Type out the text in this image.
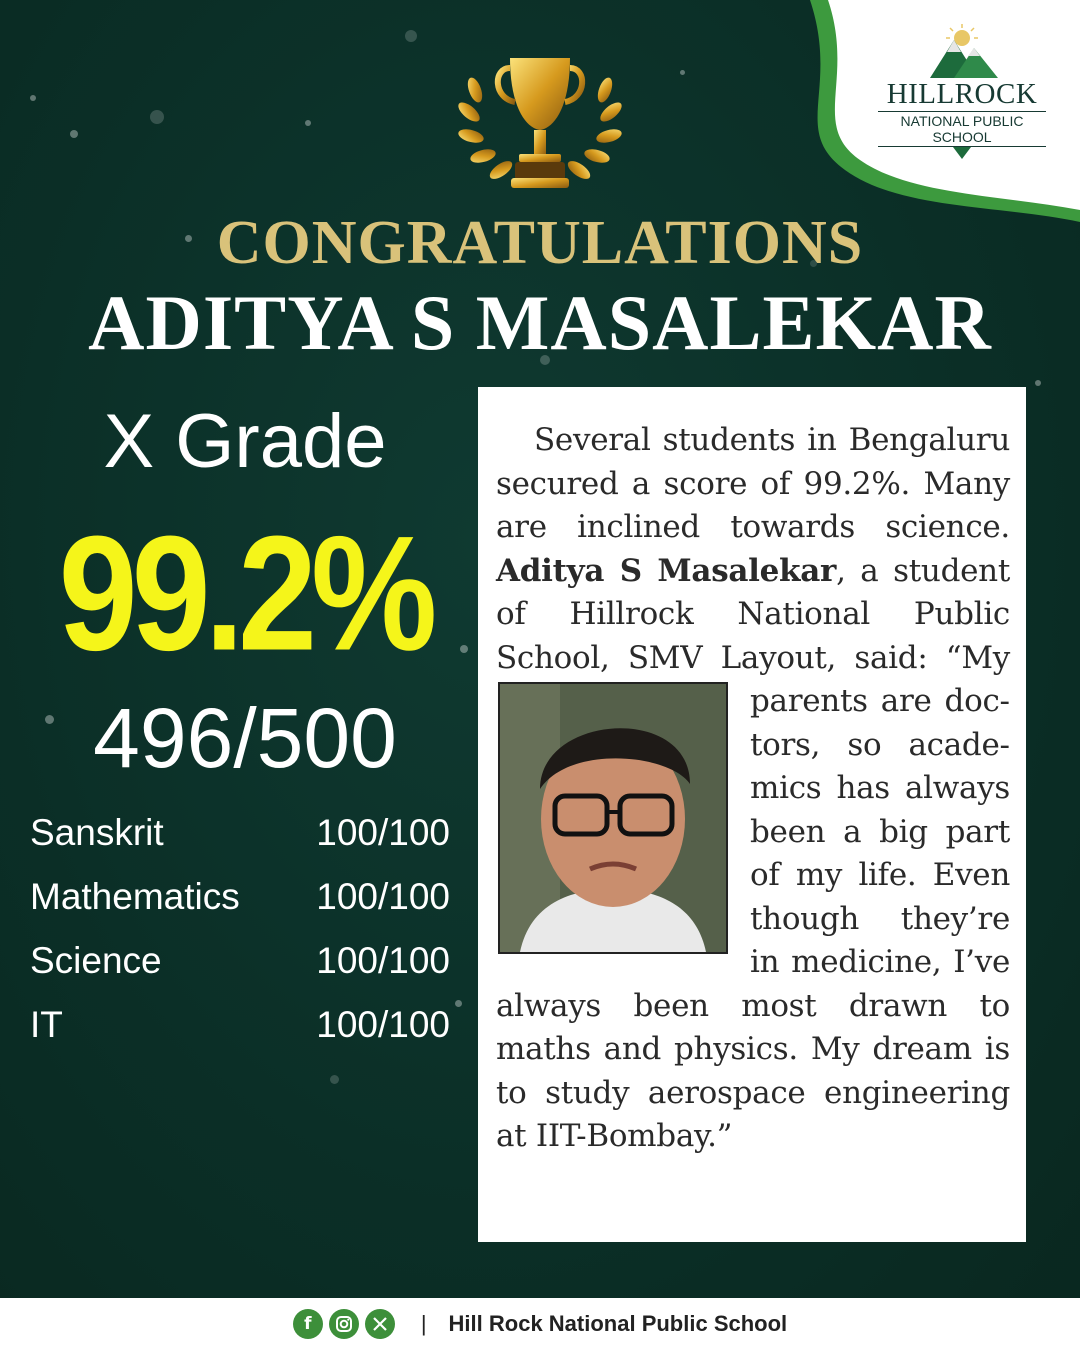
HILLROCK
NATIONAL PUBLIC SCHOOL
CONGRATULATIONS
ADITYA S MASALEKAR
X Grade
99.2%
496/500
Sanskrit	100/100
Mathematics 100/100
Science	100/100
IT	100/100

Several students in Bengaluru secured a score of 99.2%. Many are inclined towards science. Aditya S Masalekar, a student of Hillrock National Public School, SMV Layout, said: “My pa
rents are doctors, so academics has always been a big part of my life. Even though they’re in medicine, I’ve always been most drawn to maths and physics. My dream is to study aerospace engineering at IIT-Bombay.”

f	| Hill Rock National Public School
